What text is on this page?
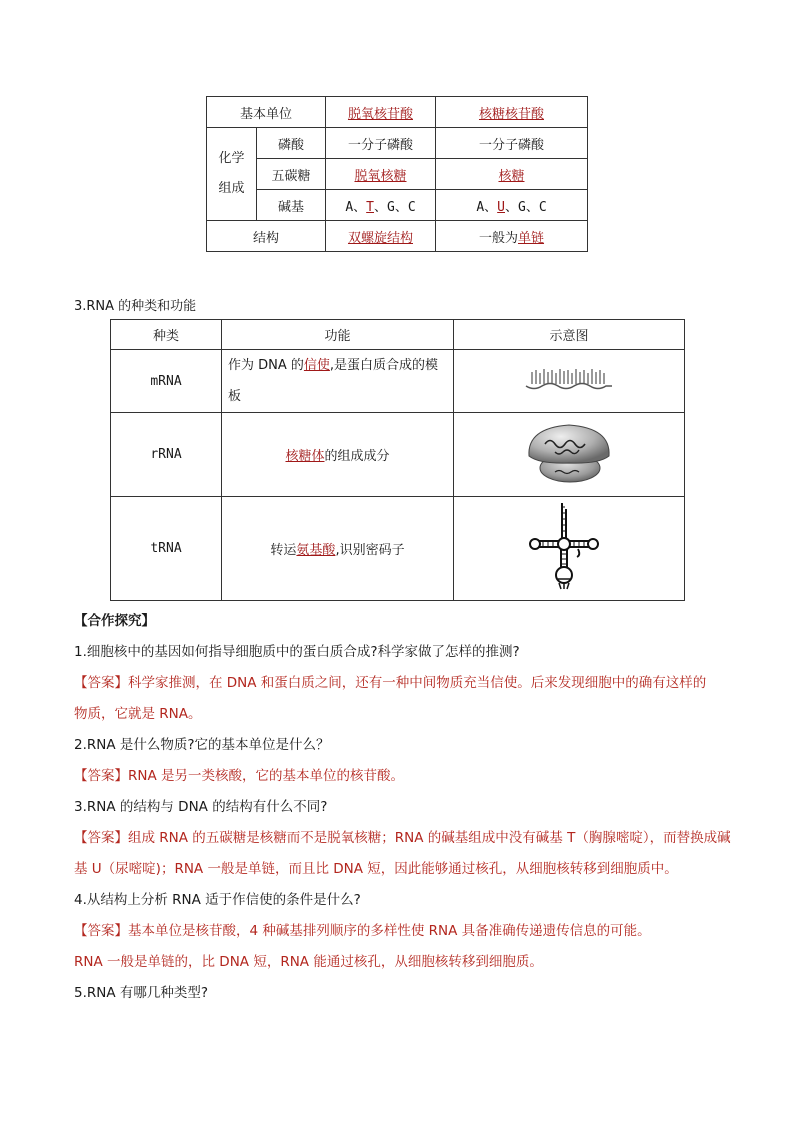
基本单位		脱氧核苷酸	核糖核苷酸

化学
组成	磷酸	一分子磷酸	一分子磷酸
	五碳糖	脱氧核糖	核糖
	碱基	A、T、G、C	A、U、G、C
结构		双螺旋结构	一般为单链
3.RNA 的种类和功能
种类	功能	示意图
mRNA	作为 DNA 的信使,是蛋白质合成的模
板

rRNA	核糖体的组成成分	
tRNA	转运氨基酸,识别密码子	
【合作探究】
1.细胞核中的基因如何指导细胞质中的蛋白质合成?科学家做了怎样的推测?
【答案】科学家推测，在 DNA 和蛋白质之间，还有一种中间物质充当信使。后来发现细胞中的确有这样的
物质，它就是 RNA。
2.RNA 是什么物质?它的基本单位是什么？
【答案】RNA 是另一类核酸，它的基本单位的核苷酸。
3.RNA 的结构与 DNA 的结构有什么不同?
【答案】组成 RNA 的五碳糖是核糖而不是脱氧核糖；RNA 的碱基组成中没有碱基 T（胸腺嘧啶），而替换成碱
基 U（尿嘧啶)；RNA 一般是单链，而且比 DNA 短，因此能够通过核孔，从细胞核转移到细胞质中。
4.从结构上分析 RNA 适于作信使的条件是什么?
【答案】基本单位是核苷酸，4 种碱基排列顺序的多样性使 RNA 具备准确传递遗传信息的可能。
RNA 一般是单链的，比 DNA 短，RNA 能通过核孔，从细胞核转移到细胞质。
5.RNA 有哪几种类型?
